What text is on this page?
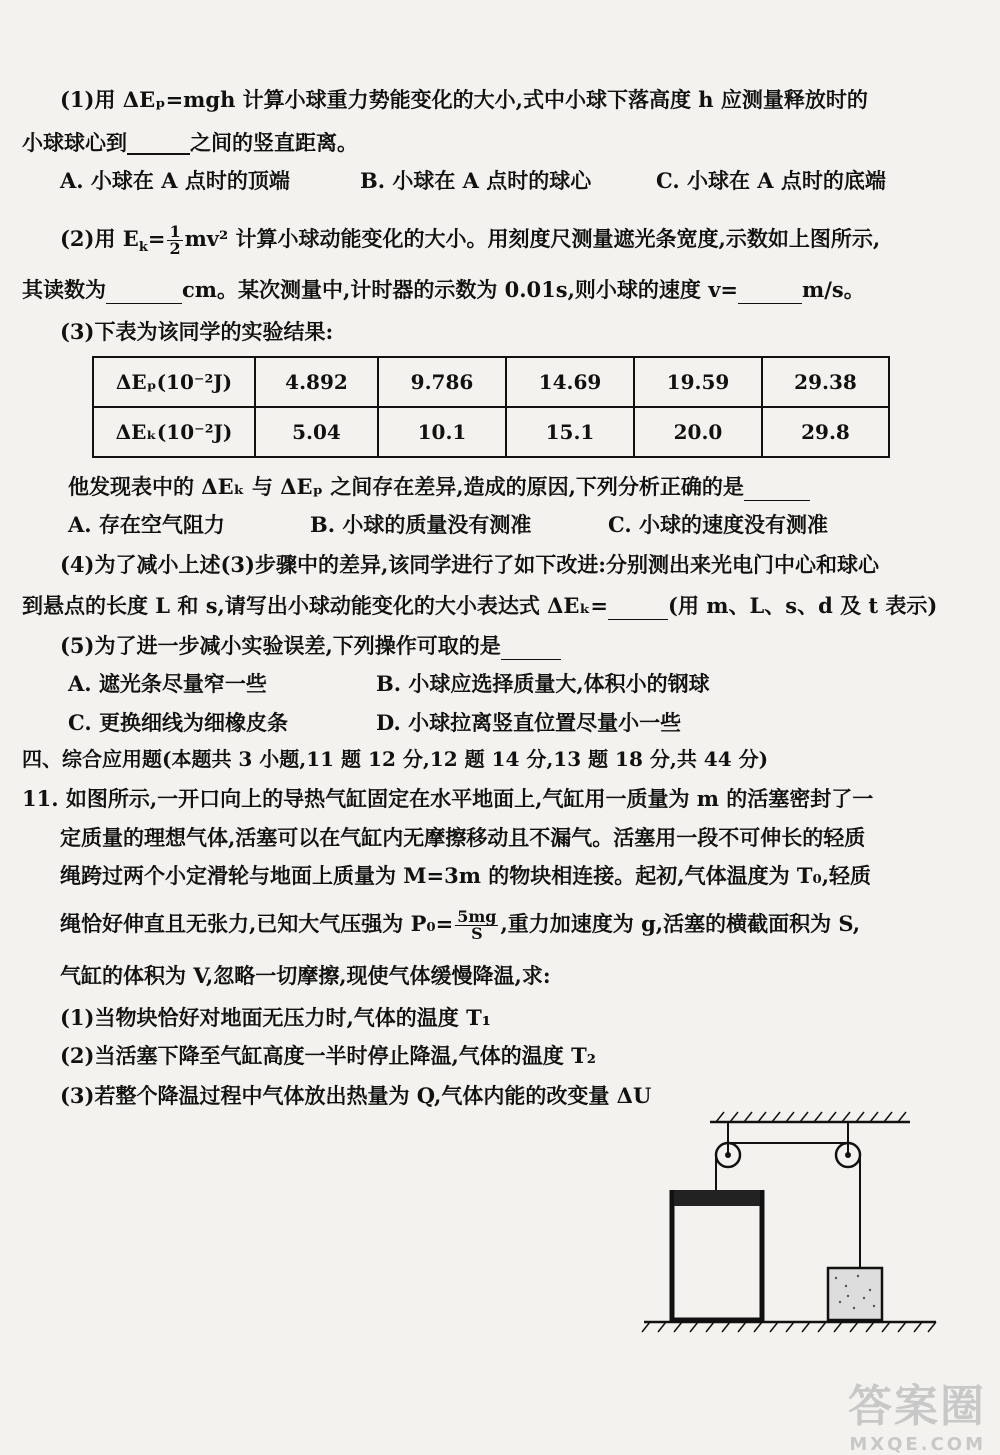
(1)用 ΔEₚ=mgh 计算小球重力势能变化的大小,式中小球下落高度 h 应测量释放时的
小球球心到______之间的竖直距离。
A. 小球在 A 点时的顶端	B. 小球在 A 点时的球心	C. 小球在 A 点时的底端
(2)用 $E_k= \frac{1}{2} mv^2$ 计算小球动能变化的大小。用刻度尺测量遮光条宽度,示数如上图所示,
其读数为	cm。某次测量中,计时器的示数为 0.01s,则小球的速度 v=	m/s。
(3)下表为该同学的实验结果:
ΔEₚ(10⁻²J)	4.892	9.786	14.69	19.59	29.38
ΔEₖ(10⁻²J)	5.04	10.1	15.1	20.0	29.8
他发现表中的 ΔEₖ 与 ΔEₚ 之间存在差异,造成的原因,下列分析正确的是
A. 存在空气阻力	B. 小球的质量没有测准	C. 小球的速度没有测准
(4)为了减小上述(3)步骤中的差异,该同学进行了如下改进:分别测出来光电门中心和球心
到悬点的长度 L 和 s,请写出小球动能变化的大小表达式 ΔEₖ=	(用 m、L、s、d 及 t 表示)
(5)为了进一步减小实验误差,下列操作可取的是
A. 遮光条尽量窄一些	B. 小球应选择质量大,体积小的钢球
C. 更换细线为细橡皮条	D. 小球拉离竖直位置尽量小一些
四、综合应用题(本题共 3 小题,11 题 12 分,12 题 14 分,13 题 18 分,共 44 分)
11. 如图所示,一开口向上的导热气缸固定在水平地面上,气缸用一质量为 m 的活塞密封了一
定质量的理想气体,活塞可以在气缸内无摩擦移动且不漏气。活塞用一段不可伸长的轻质
绳跨过两个小定滑轮与地面上质量为 M=3m 的物块相连接。起初,气体温度为 T₀,轻质
绳恰好伸直且无张力,已知大气压强为 $P_0= \frac{5mg}{S}$ ,重力加速度为 g,活塞的横截面积为 S,
气缸的体积为 V,忽略一切摩擦,现使气体缓慢降温,求:
(1)当物块恰好对地面无压力时,气体的温度 T₁
(2)当活塞下降至气缸高度一半时停止降温,气体的温度 T₂
(3)若整个降温过程中气体放出热量为 Q,气体内能的改变量 ΔU
答案圈
MXQE.COM
